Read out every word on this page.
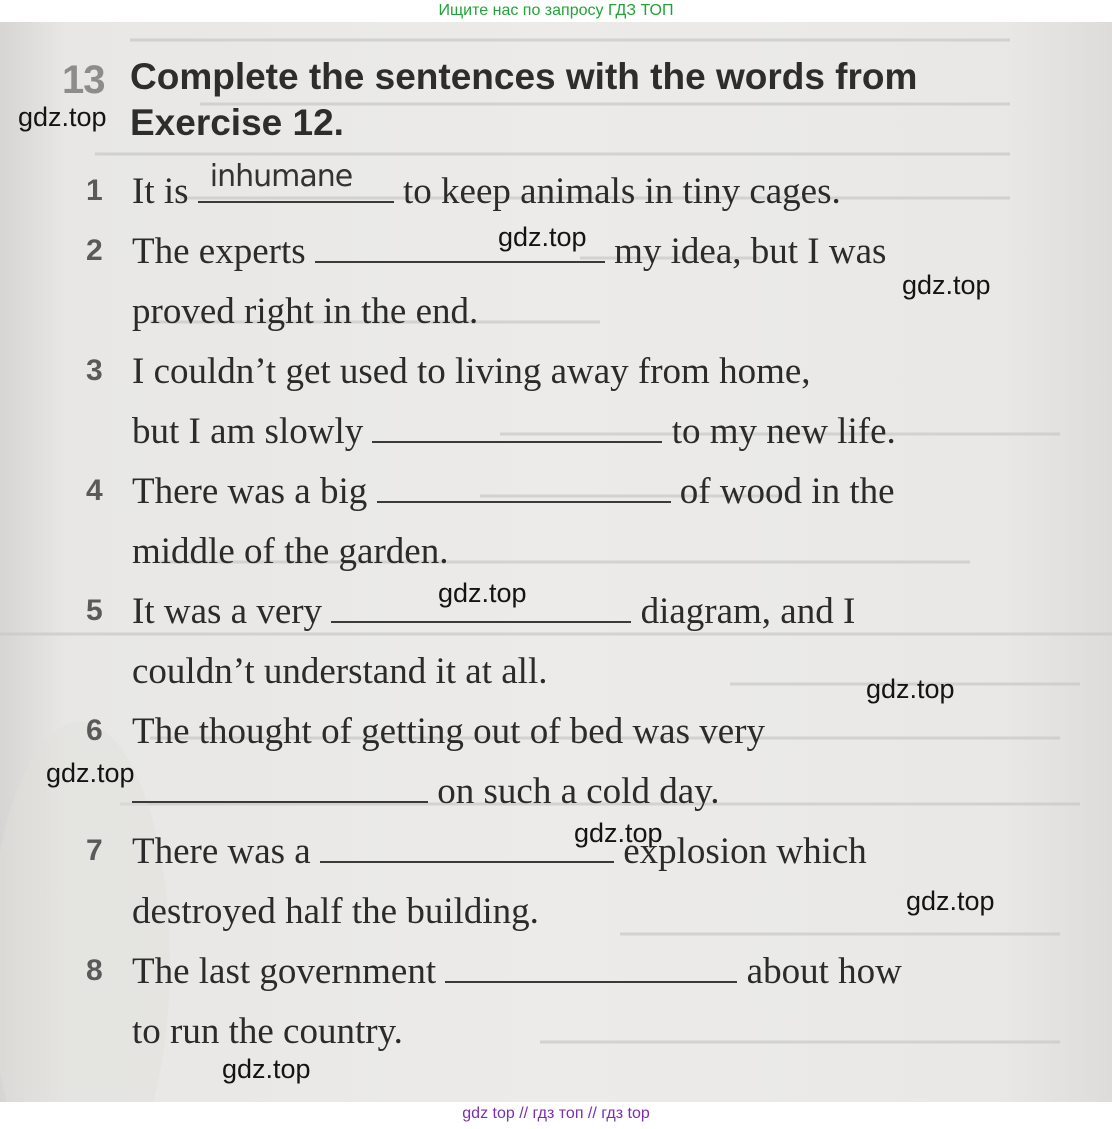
Ищите нас по запросу ГДЗ ТОП
13 Complete the sentences with the words from
Exercise 12.
1 It is inhumane to keep animals in tiny cages.
2 The experts	my idea, but I was
proved right in the end.
3 I couldn’t get used to living away from home,
but I am slowly	to my new life.
4 There was a big	of wood in the
middle of the garden.
5 It was a very	diagram, and I
couldn’t understand it at all.
6 The thought of getting out of bed was very
on such a cold day.
7 There was a	explosion which
destroyed half the building.
8 The last government	about how
to run the country.
gdz.top
gdz.top
gdz.top
gdz.top
gdz.top
gdz.top
gdz.top
gdz.top
gdz.top
gdz top // гдз топ // гдз top
